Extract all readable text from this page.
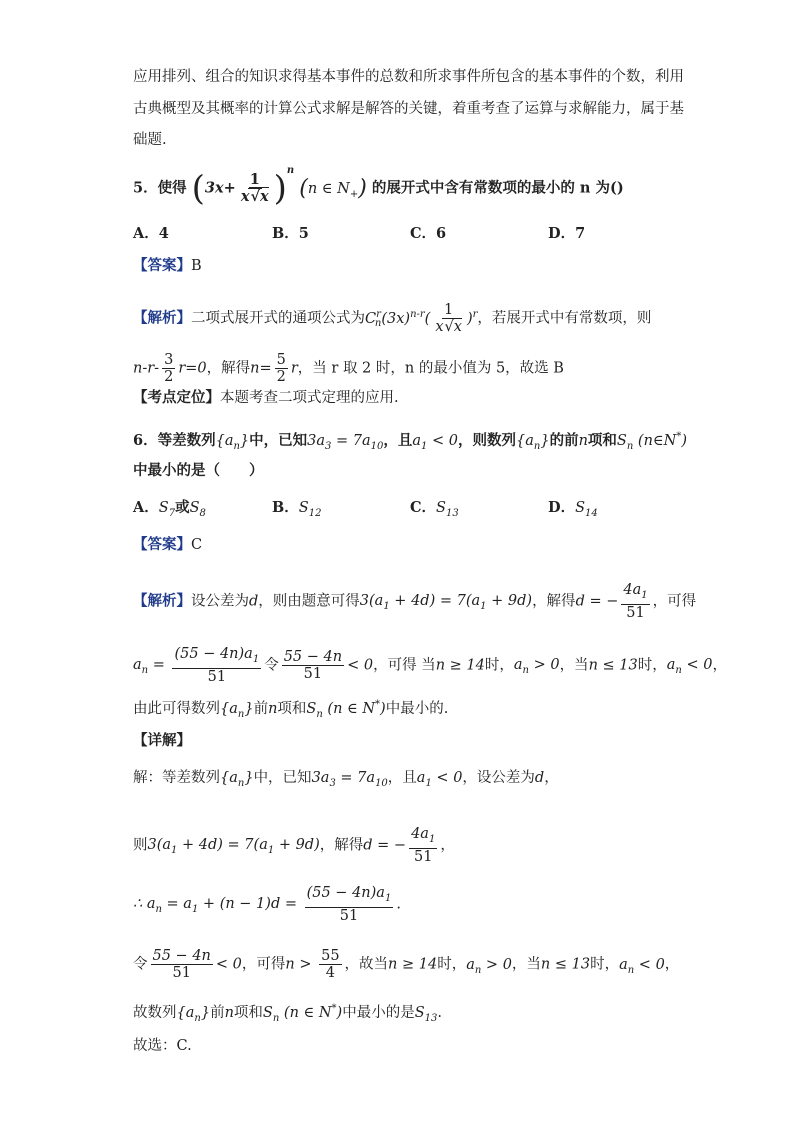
应用排列、组合的知识求得基本事件的总数和所求事件所包含的基本事件的个数，利用
古典概型及其概率的计算公式求解是解答的关键，着重考查了运算与求解能力，属于基
础题.
5．使得 $(3x+ \frac{1}{x√x} )^n$ (n ∈ $N_+$) 的展开式中含有常数项的最小的 n 为()
A．4	B．5	C．6	D．7
【答案】B
【解析】二项式展开式的通项公式为$C^r_n(3x)^{n-r}( \frac{1}{x√x} )^r$，若展开式中有常数项，则
$n-r- \frac{3}{2} r=0$，解得$n= \frac{5}{2}$ r，当 r 取 2 时，n 的最小值为 5，故选 B
【考点定位】本题考查二项式定理的应用.
6．等差数列$\{a_n\}$中，已知$3a_3 = 7a_{10}$，且$a_1 < 0$，则数列$\{a_n\}$的前n项和$S_n$ (n∈N*)
中最小的是（　　）
A．$S_7$或$S_8$	B．$S_{12}$	C．$S_{13}$	D．$S_{14}$
【答案】C
【解析】设公差为d，则由题意可得$3(a_1 + 4d) = 7(a_1 + 9d)$，解得d = − $\frac{4a_1}{51}$ ，可得
$a_n = \frac{(55 - 4n)a_1}{51}$ 令 $\frac{55 - 4n}{51} < 0$，可得 当n ≥ 14时，$a_n > 0$，当n ≤ 13时，$a_n < 0$，
由此可得数列$\{a_n\}$前n项和$S_n$ (n ∈ N*)中最小的.
【详解】
解：等差数列$\{a_n\}$中，已知$3a_3 = 7a_{10}$，且$a_1 < 0$，设公差为d，
则$3(a_1 + 4d) = 7(a_1 + 9d)$，解得d = − $\frac{4a_1}{51}$ ，
∴ $a_n = a_1 + (n - 1)d = \frac{(55 - 4n)a_1}{51}$ .
令 $\frac{55 - 4n}{51} < 0$，可得$n > \frac{55}{4}$ ，故当n ≥ 14时，$a_n > 0$，当n ≤ 13时，$a_n < 0$，
故数列$\{a_n\}$前n项和$S_n$ (n ∈ N*)中最小的是$S_{13}$.
故选：C.
